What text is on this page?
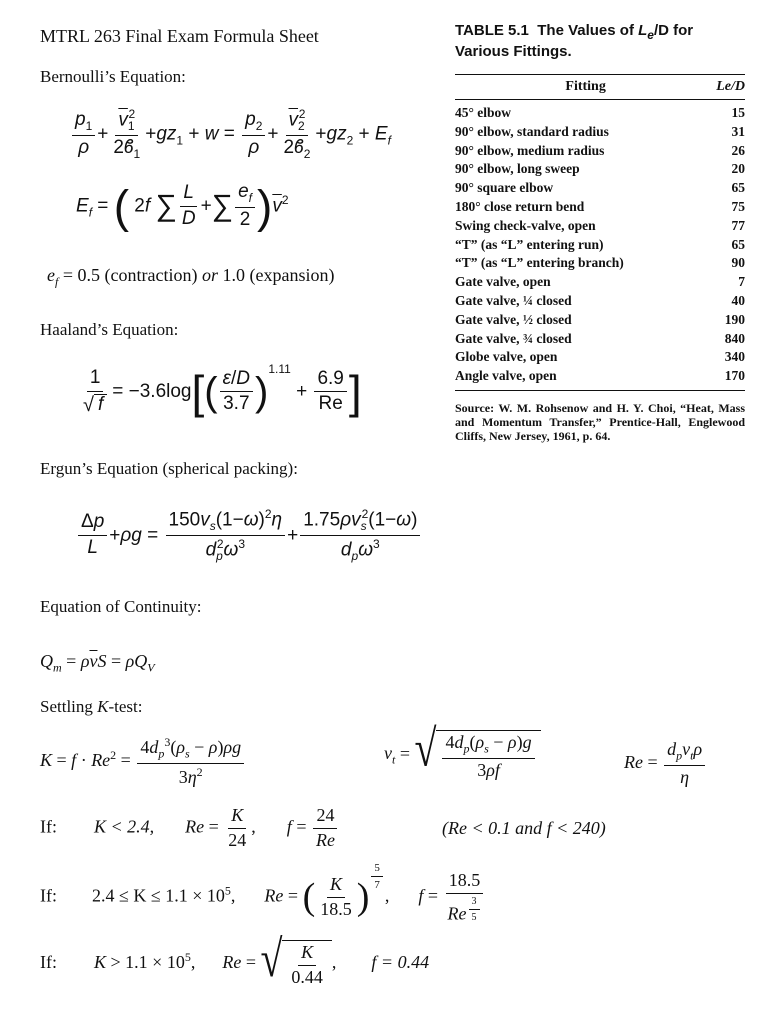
MTRL 263 Final Exam Formula Sheet
Bernoulli’s Equation:
$\frac{p_1}{\rho} + \frac{\overline{v}_1^2}{2ϐ_1} +gz_1 + w = \frac{p_2}{\rho} + \frac{\overline{v}_2^2}{2ϐ_2} +gz_2 + E_f$
$E_f$ = ( 2f ∑ $\frac{L}{D}$ +∑ $\frac{e_f}{2} )\overline{v}^2$
$e_f = 0.5$ (contraction) or 1.0 (expansion)
Haaland’s Equation:
$\frac{1}{√ f} = -3.6\log[( \frac{\varepsilon/D}{3.7} )^{1.11} + \frac{6.9}{Re}$ ]
Ergun’s Equation (spherical packing):
$\frac{\Delta p}{L} +\rho g = \frac{150v_s(1-\omega)^2\eta}{d_p^2\omega^3} + \frac{1.75\rho v_s^2(1-\omega)}{d_p\omega^3}$
Equation of Continuity:
$Q_m = \rho\overline{v}S = \rho Q_V$
Settling K-test:
$K = f \cdot Re^2 = \frac{4d_p^3(\rho_s - \rho)\rho g}{3\eta^2}$	$v_t$ = √ $\frac{4d_p(\rho_s - \rho)g}{3\rho f}$	$Re = \frac{d_pv_t\rho}{\eta}$
If: K < 2.4, $Re = \frac{K}{24}$ ,  $f = \frac{24}{Re}$	(Re < 0.1 and f < 240)
If: $2.4 \le K \le 1.1 \times 10^5$,  Re = ( $\frac{K}{18.5}$ ) $^{\frac{5}{7}}$
,  f = 18.5
Re $^{\frac{3}{5}}$
If: $K > 1.1 \times 10^5$,  Re = √ $\frac{K}{0.44}$ ,  f = 0.44
TABLE 5.1 The Values of $L_e/D$ for Various Fittings.
Fitting	Le/D
45° elbow	15
90° elbow, standard radius	31
90° elbow, medium radius	26
90° elbow, long sweep	20
90° square elbow	65
180° close return bend	75
Swing check-valve, open	77
“T” (as “L” entering run)	65
“T” (as “L” entering branch)	90
Gate valve, open	7
Gate valve, ¼ closed	40
Gate valve, ½ closed	190
Gate valve, ¾ closed	840
Globe valve, open	340
Angle valve, open	170
Source: W. M. Rohsenow and H. Y. Choi, “Heat, Mass and Momentum Transfer,” Prentice-Hall, Englewood Cliffs, New Jersey, 1961, p. 64.
